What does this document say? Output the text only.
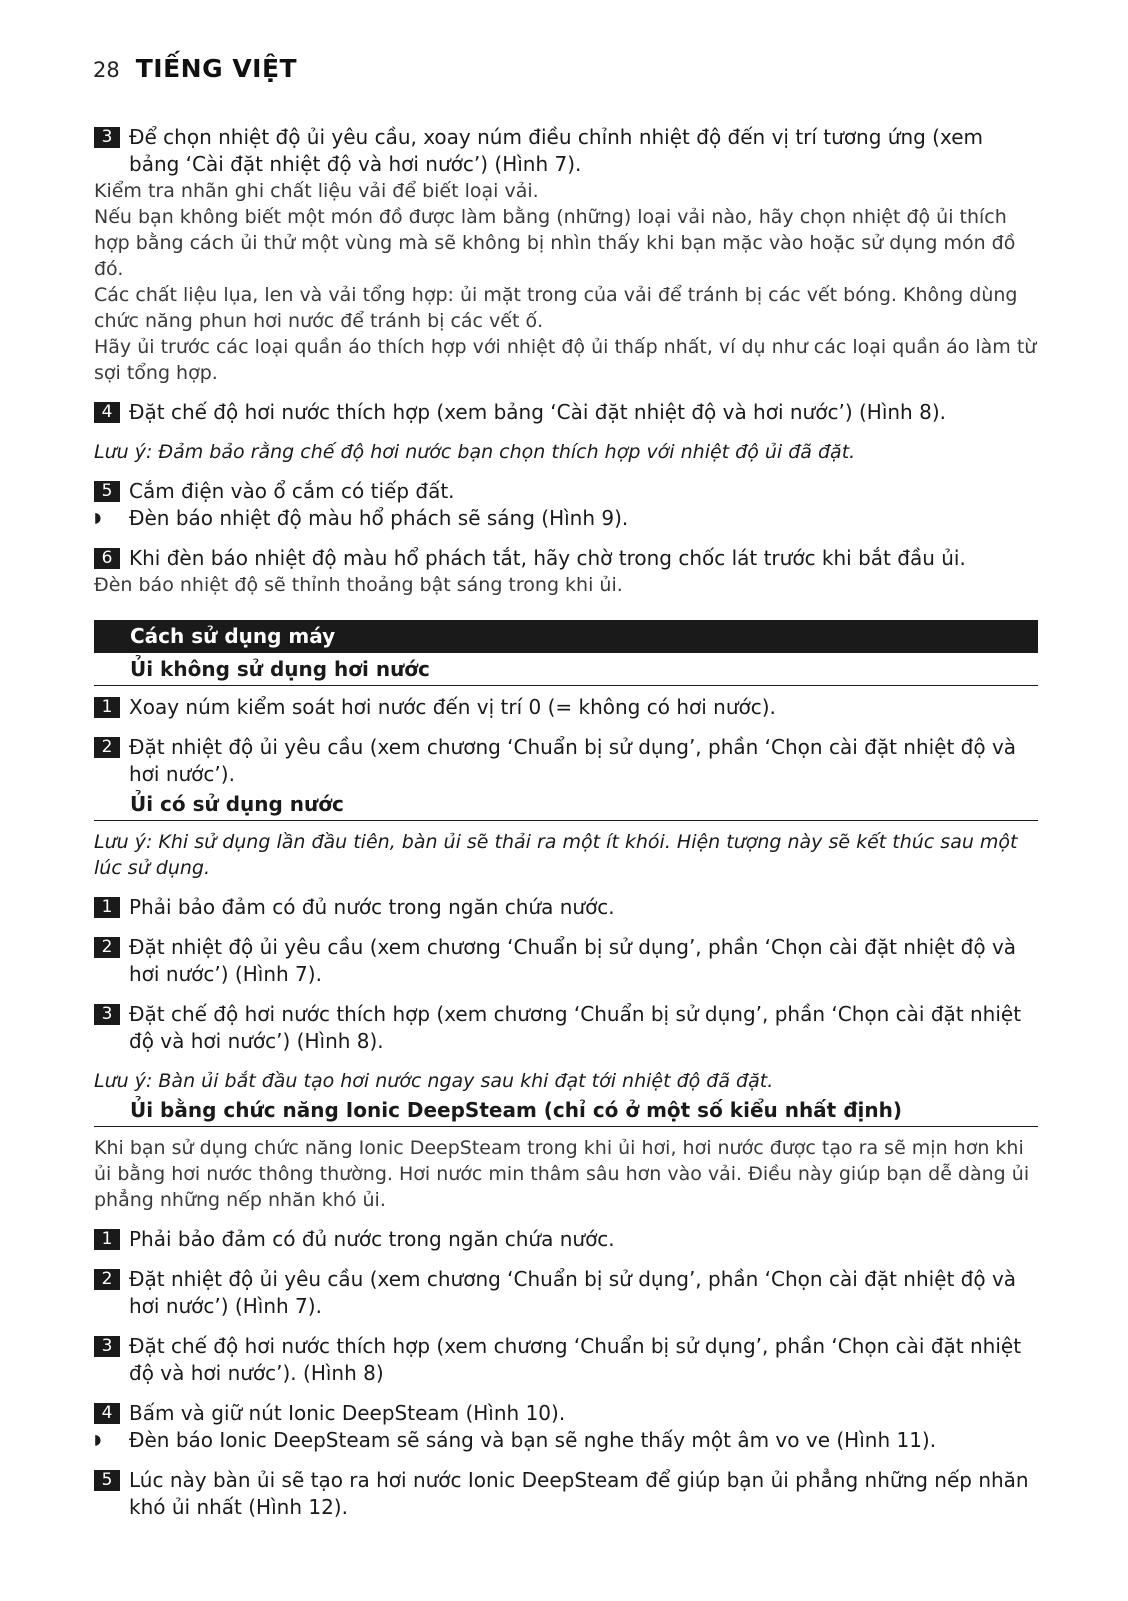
28 TIẾNG VIỆT
3 Để chọn nhiệt độ ủi yêu cầu, xoay núm điều chỉnh nhiệt độ đến vị trí tương ứng (xem bảng ‘Cài đặt nhiệt độ và hơi nước’) (Hình 7).

Kiểm tra nhãn ghi chất liệu vải để biết loại vải.

Nếu bạn không biết một món đồ được làm bằng (những) loại vải nào, hãy chọn nhiệt độ ủi thích hợp bằng cách ủi thử một vùng mà sẽ không bị nhìn thấy khi bạn mặc vào hoặc sử dụng món đồ đó.

Các chất liệu lụa, len và vải tổng hợp: ủi mặt trong của vải để tránh bị các vết bóng. Không dùng chức năng phun hơi nước để tránh bị các vết ố.

Hãy ủi trước các loại quần áo thích hợp với nhiệt độ ủi thấp nhất, ví dụ như các loại quần áo làm từ sợi tổng hợp.

4 Đặt chế độ hơi nước thích hợp (xem bảng ‘Cài đặt nhiệt độ và hơi nước’) (Hình 8).
Lưu ý: Đảm bảo rằng chế độ hơi nước bạn chọn thích hợp với nhiệt độ ủi đã đặt.
5 Cắm điện vào ổ cắm có tiếp đất.
◗	Đèn báo nhiệt độ màu hổ phách sẽ sáng (Hình 9).
6 Khi đèn báo nhiệt độ màu hổ phách tắt, hãy chờ trong chốc lát trước khi bắt đầu ủi.
Đèn báo nhiệt độ sẽ thỉnh thoảng bật sáng trong khi ủi.
Cách sử dụng máy
Ủi không sử dụng hơi nước
1 Xoay núm kiểm soát hơi nước đến vị trí 0 (= không có hơi nước).
2 Đặt nhiệt độ ủi yêu cầu (xem chương ‘Chuẩn bị sử dụng’, phần ‘Chọn cài đặt nhiệt độ và hơi nước’).
Ủi có sử dụng nước
Lưu ý: Khi sử dụng lần đầu tiên, bàn ủi sẽ thải ra một ít khói. Hiện tượng này sẽ kết thúc sau một lúc sử dụng.
1 Phải bảo đảm có đủ nước trong ngăn chứa nước.
2 Đặt nhiệt độ ủi yêu cầu (xem chương ‘Chuẩn bị sử dụng’, phần ‘Chọn cài đặt nhiệt độ và hơi nước’) (Hình 7).
3 Đặt chế độ hơi nước thích hợp (xem chương ‘Chuẩn bị sử dụng’, phần ‘Chọn cài đặt nhiệt độ và hơi nước’) (Hình 8).
Lưu ý: Bàn ủi bắt đầu tạo hơi nước ngay sau khi đạt tới nhiệt độ đã đặt.
Ủi bằng chức năng Ionic DeepSteam (chỉ có ở một số kiểu nhất định)
Khi bạn sử dụng chức năng Ionic DeepSteam trong khi ủi hơi, hơi nước được tạo ra sẽ mịn hơn khi ủi bằng hơi nước thông thường. Hơi nước min thâm sâu hơn vào vải. Điều này giúp bạn dễ dàng ủi phẳng những nếp nhăn khó ủi.
1 Phải bảo đảm có đủ nước trong ngăn chứa nước.
2 Đặt nhiệt độ ủi yêu cầu (xem chương ‘Chuẩn bị sử dụng’, phần ‘Chọn cài đặt nhiệt độ và hơi nước’) (Hình 7).
3 Đặt chế độ hơi nước thích hợp (xem chương ‘Chuẩn bị sử dụng’, phần ‘Chọn cài đặt nhiệt độ và hơi nước’). (Hình 8)
4 Bấm và giữ nút Ionic DeepSteam (Hình 10).
◗	Đèn báo Ionic DeepSteam sẽ sáng và bạn sẽ nghe thấy một âm vo ve (Hình 11).
5 Lúc này bàn ủi sẽ tạo ra hơi nước Ionic DeepSteam để giúp bạn ủi phẳng những nếp nhăn khó ủi nhất (Hình 12).
